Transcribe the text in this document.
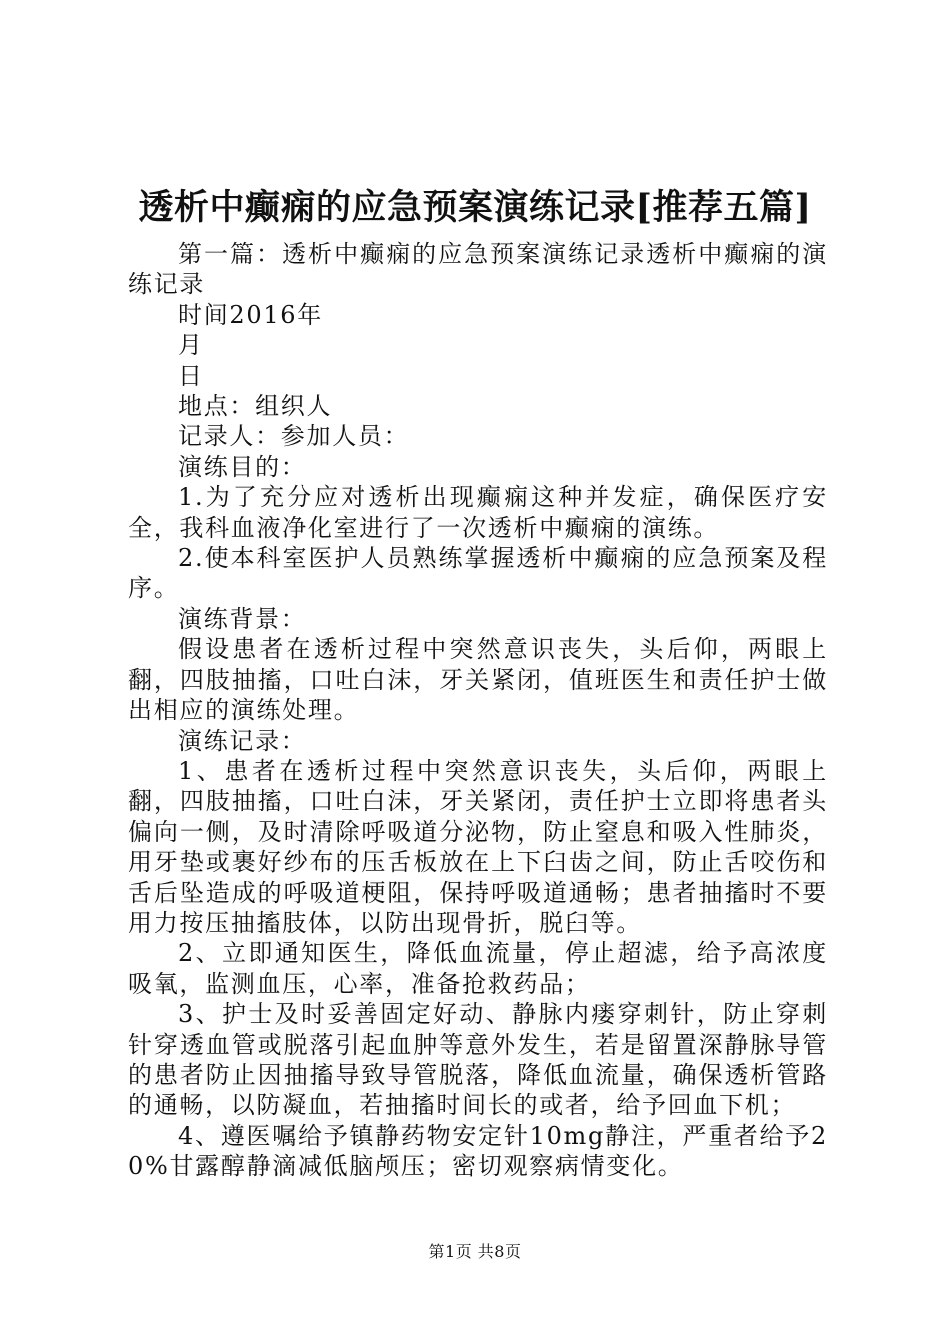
透析中癫痫的应急预案演练记录[推荐五篇]

第一篇：透析中癫痫的应急预案演练记录透析中癫痫的演练记录

时间2016年

月

日

地点：组织人

记录人：参加人员：

演练目的：

1.为了充分应对透析出现癫痫这种并发症，确保医疗安全，我科血液净化室进行了一次透析中癫痫的演练。

2.使本科室医护人员熟练掌握透析中癫痫的应急预案及程序。

演练背景：

假设患者在透析过程中突然意识丧失，头后仰，两眼上翻，四肢抽搐，口吐白沫，牙关紧闭，值班医生和责任护士做出相应的演练处理。

演练记录：

1、患者在透析过程中突然意识丧失，头后仰，两眼上翻，四肢抽搐，口吐白沫，牙关紧闭，责任护士立即将患者头偏向一侧，及时清除呼吸道分泌物，防止窒息和吸入性肺炎，用牙垫或裹好纱布的压舌板放在上下臼齿之间，防止舌咬伤和舌后坠造成的呼吸道梗阻，保持呼吸道通畅；患者抽搐时不要用力按压抽搐肢体，以防出现骨折，脱臼等。

2、立即通知医生，降低血流量，停止超滤，给予高浓度吸氧，监测血压，心率，准备抢救药品；

3、护士及时妥善固定好动、静脉内瘘穿刺针，防止穿刺针穿透血管或脱落引起血肿等意外发生，若是留置深静脉导管的患者防止因抽搐导致导管脱落，降低血流量，确保透析管路的通畅，以防凝血，若抽搐时间长的或者，给予回血下机；

4、遵医嘱给予镇静药物安定针10mg静注，严重者给予20%甘露醇静滴减低脑颅压；密切观察病情变化。

第1页 共8页
